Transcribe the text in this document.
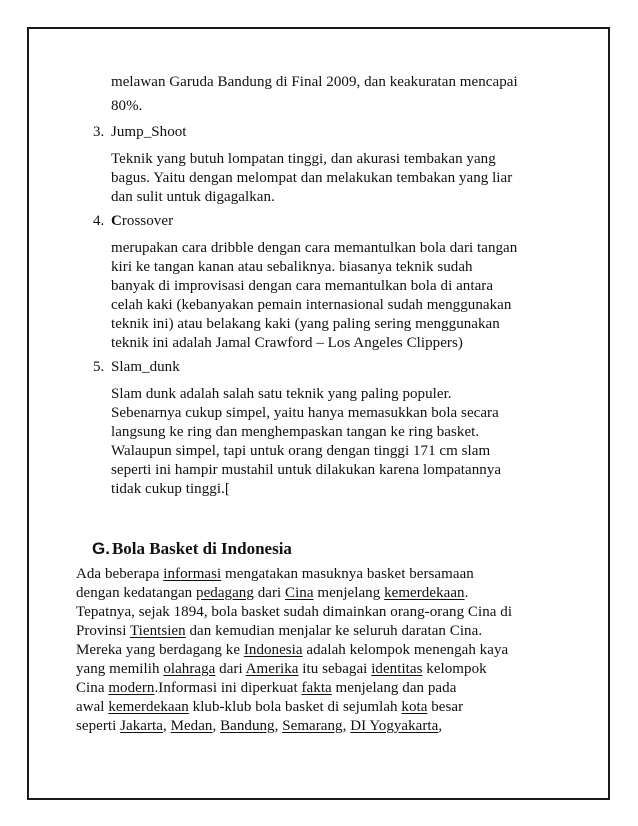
melawan Garuda Bandung di Final 2009, dan keakuratan mencapai
80%.
3. Jump_Shoot
Teknik yang butuh lompatan tinggi, dan akurasi tembakan yang
bagus. Yaitu dengan melompat dan melakukan tembakan yang liar
dan sulit untuk digagalkan.
4. Crossover
merupakan cara dribble dengan cara memantulkan bola dari tangan
kiri ke tangan kanan atau sebaliknya. biasanya teknik sudah
banyak di improvisasi dengan cara memantulkan bola di antara
celah kaki (kebanyakan pemain internasional sudah menggunakan
teknik ini) atau belakang kaki (yang paling sering menggunakan
teknik ini adalah Jamal Crawford – Los Angeles Clippers)
5. Slam_dunk
Slam dunk adalah salah satu teknik yang paling populer.
Sebenarnya cukup simpel, yaitu hanya memasukkan bola secara
langsung ke ring dan menghempaskan tangan ke ring basket.
Walaupun simpel, tapi untuk orang dengan tinggi 171 cm slam
seperti ini hampir mustahil untuk dilakukan karena lompatannya
tidak cukup tinggi.[
G. Bola Basket di Indonesia
Ada beberapa informasi mengatakan masuknya basket bersamaan
dengan kedatangan pedagang dari Cina menjelang kemerdekaan.
Tepatnya, sejak 1894, bola basket sudah dimainkan orang-orang Cina di
Provinsi Tientsien dan kemudian menjalar ke seluruh daratan Cina.
Mereka yang berdagang ke Indonesia adalah kelompok menengah kaya
yang memilih olahraga dari Amerika itu sebagai identitas kelompok
Cina modern.Informasi ini diperkuat fakta menjelang dan pada
awal kemerdekaan klub-klub bola basket di sejumlah kota besar
seperti Jakarta, Medan, Bandung, Semarang, DI Yogyakarta,
